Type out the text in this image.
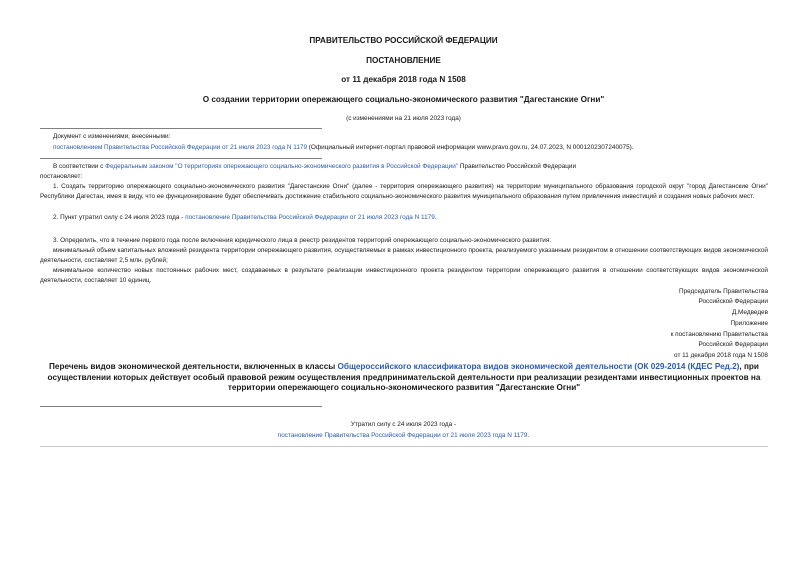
ПРАВИТЕЛЬСТВО РОССИЙСКОЙ ФЕДЕРАЦИИ
ПОСТАНОВЛЕНИЕ
от 11 декабря 2018 года N 1508
О создании территории опережающего социально-экономического развития "Дагестанские Огни"
(с изменениями на 21 июля 2023 года)
Документ с изменениями, внесенными:
постановлением Правительства Российской Федерации от 21 июля 2023 года N 1179 (Официальный интернет-портал правовой информации www.pravo.gov.ru, 24.07.2023, N 0001202307240075).
В соответствии с Федеральным законом "О территориях опережающего социально-экономического развития в Российской Федерации" Правительство Российской Федерации
постановляет:
1. Создать территорию опережающего социально-экономического развития "Дагестанские Огни" (далее - территория опережающего развития) на территории муниципального образования городской округ "город Дагестанские Огни" Республики Дагестан, имея в виду, что ее функционирование будет обеспечивать достижение стабильного социально-экономического развития муниципального образования путем привлечения инвестиций и создания новых рабочих мест.
2. Пункт утратил силу с 24 июля 2023 года - постановление Правительства Российской Федерации от 21 июля 2023 года N 1179.
3. Определить, что в течение первого года после включения юридического лица в реестр резидентов территорий опережающего социально-экономического развития:
минимальный объем капитальных вложений резидента территории опережающего развития, осуществляемых в рамках инвестиционного проекта, реализуемого указанным резидентом в отношении соответствующих видов экономической деятельности, составляет 2,5 млн. рублей;
минимальное количество новых постоянных рабочих мест, создаваемых в результате реализации инвестиционного проекта резидентом территории опережающего развития в отношении соответствующих видов экономической деятельности, составляет 10 единиц.
Председатель Правительства
Российской Федерации
Д.Медведев
Приложение
к постановлению Правительства
Российской Федерации
от 11 декабря 2018 года N 1508
Перечень видов экономической деятельности, включенных в классы Общероссийского классификатора видов экономической деятельности (ОК 029-2014 (КДЕС Ред.2), при осуществлении которых действует особый правовой режим осуществления предпринимательской деятельности при реализации резидентами инвестиционных проектов на территории опережающего социально-экономического развития "Дагестанские Огни"
Утратил силу с 24 июля 2023 года -
постановление Правительства Российской Федерации от 21 июля 2023 года N 1179.
